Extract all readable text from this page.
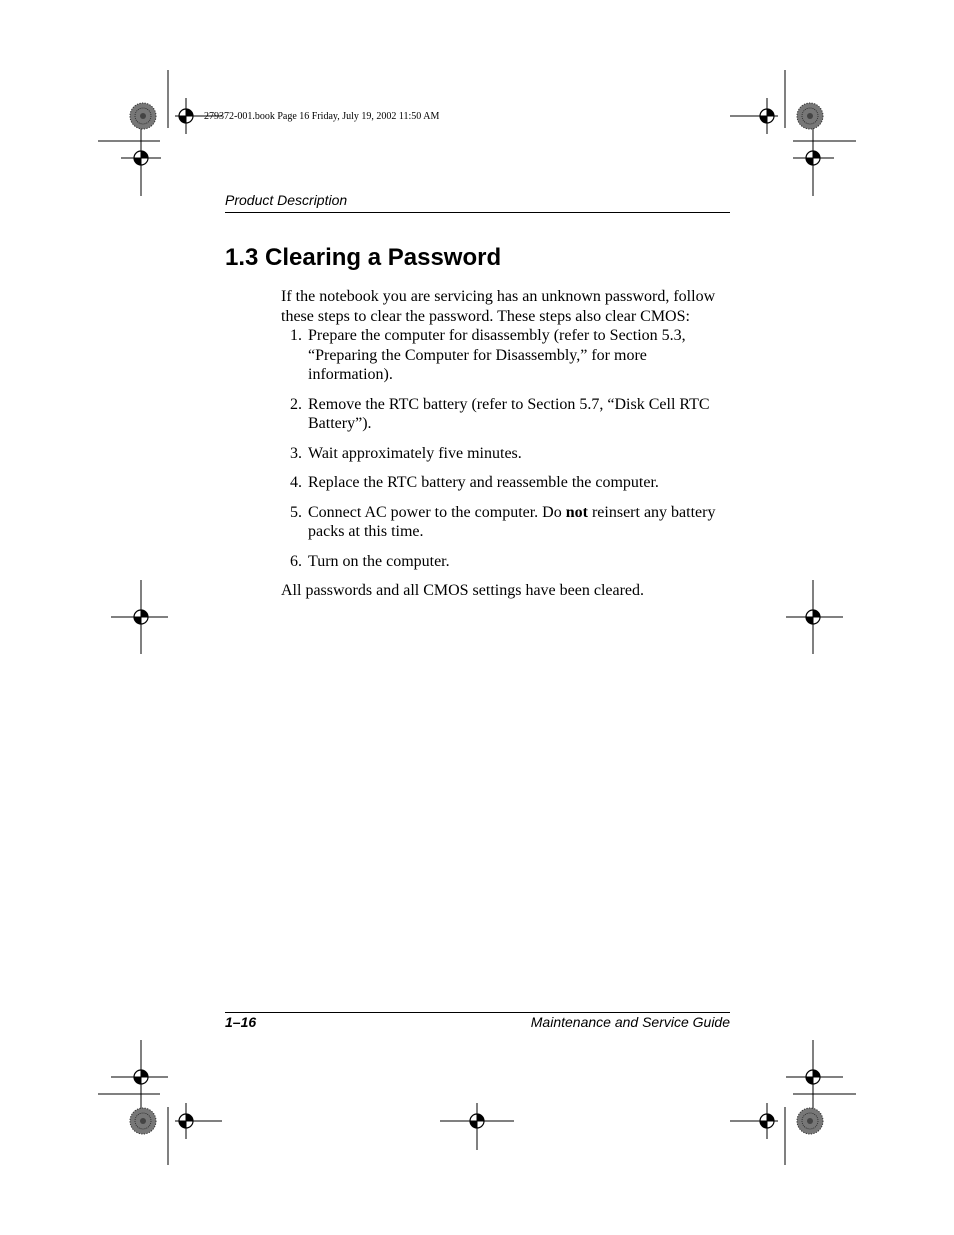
279372-001.book Page 16 Friday, July 19, 2002 11:50 AM
Product Description
1.3 Clearing a Password

If the notebook you are servicing has an unknown password, follow these steps to clear the password. These steps also clear CMOS:

1. Prepare the computer for disassembly (refer to Section 5.3, “Preparing the Computer for Disassembly,” for more information).
2. Remove the RTC battery (refer to Section 5.7, “Disk Cell RTC Battery”).
3. Wait approximately five minutes.
4. Replace the RTC battery and reassemble the computer.
5. Connect AC power to the computer. Do not reinsert any battery packs at this time.
6. Turn on the computer.

All passwords and all CMOS settings have been cleared.

1–16	Maintenance and Service Guide
